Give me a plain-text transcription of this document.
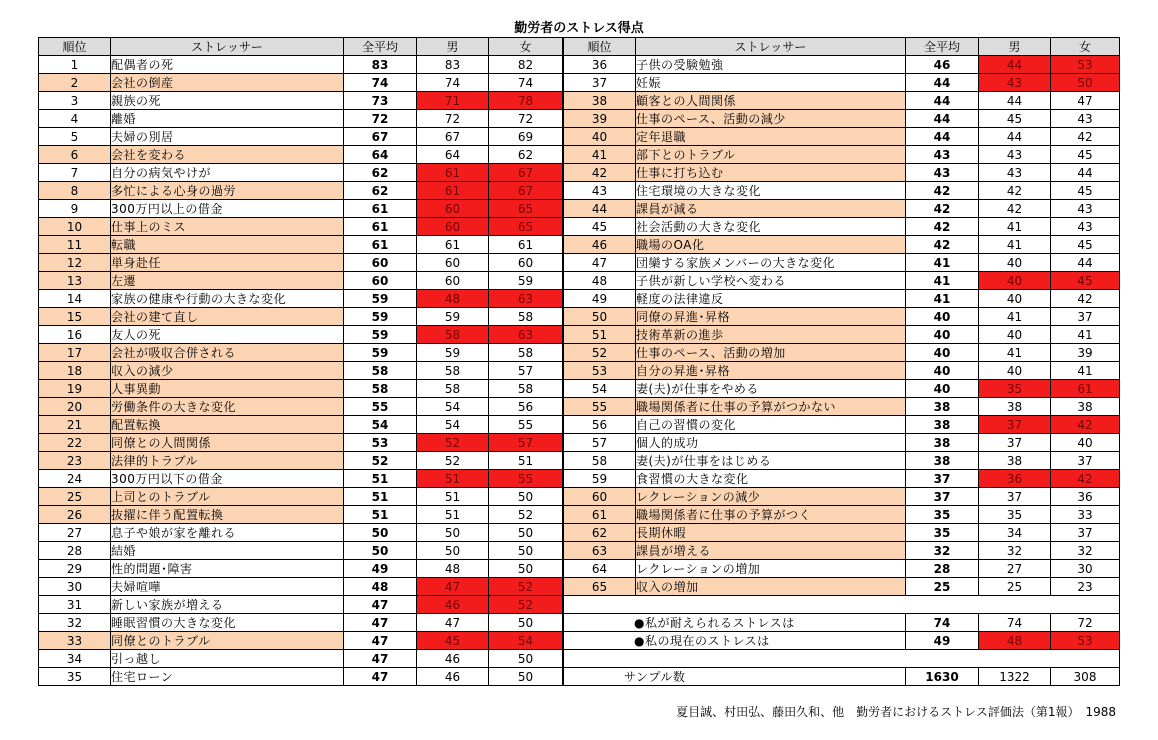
勤労者のストレス得点
順位	ストレッサー	全平均	男	女
1	配偶者の死	83	83	82
2	会社の倒産	74	74	74
3	親族の死	73	71	78
4	離婚	72	72	72
5	夫婦の別居	67	67	69
6	会社を変わる	64	64	62
7	自分の病気やけが	62	61	67
8	多忙による心身の過労	62	61	67
9	300万円以上の借金	61	60	65
10	仕事上のミス	61	60	65
11	転職	61	61	61
12	単身赴任	60	60	60
13	左遷	60	60	59
14	家族の健康や行動の大きな変化	59	48	63
15	会社の建て直し	59	59	58
16	友人の死	59	58	63
17	会社が吸収合併される	59	59	58
18	収入の減少	58	58	57
19	人事異動	58	58	58
20	労働条件の大きな変化	55	54	56
21	配置転換	54	54	55
22	同僚との人間関係	53	52	57
23	法律的トラブル	52	52	51
24	300万円以下の借金	51	51	55
25	上司とのトラブル	51	51	50
26	抜擢に伴う配置転換	51	51	52
27	息子や娘が家を離れる	50	50	50
28	結婚	50	50	50
29	性的問題･障害	49	48	50
30	夫婦喧嘩	48	47	52
31	新しい家族が増える	47	46	52
32	睡眠習慣の大きな変化	47	47	50
33	同僚とのトラブル	47	45	54
34	引っ越し	47	46	50
35	住宅ローン	47	46	50
順位	ストレッサー	全平均	男	女
36	子供の受験勉強	46	44	53
37	妊娠	44	43	50
38	顧客との人間関係	44	44	47
39	仕事のペース、活動の減少	44	45	43
40	定年退職	44	44	42
41	部下とのトラブル	43	43	45
42	仕事に打ち込む	43	43	44
43	住宅環境の大きな変化	42	42	45
44	課員が減る	42	42	43
45	社会活動の大きな変化	42	41	43
46	職場のOA化	42	41	45
47	団欒する家族メンバーの大きな変化	41	40	44
48	子供が新しい学校へ変わる	41	40	45
49	軽度の法律違反	41	40	42
50	同僚の昇進･昇格	40	41	37
51	技術革新の進歩	40	40	41
52	仕事のペース、活動の増加	40	41	39
53	自分の昇進･昇格	40	40	41
54	妻(夫)が仕事をやめる	40	35	61
55	職場関係者に仕事の予算がつかない	38	38	38
56	自己の習慣の変化	38	37	42
57	個人的成功	38	37	40
58	妻(夫)が仕事をはじめる	38	38	37
59	食習慣の大きな変化	37	36	42
60	レクレーションの減少	37	37	36
61	職場関係者に仕事の予算がつく	35	35	33
62	長期休暇	35	34	37
63	課員が増える	32	32	32
64	レクレーションの増加	28	27	30
65	収入の増加	25	25	23

●私が耐えられるストレスは		74	74	72
●私の現在のストレスは		49	48	53

サンプル数		1630	1322	308
夏目誠、村田弘、藤田久和、他　勤労者におけるストレス評価法（第1報）　1988
